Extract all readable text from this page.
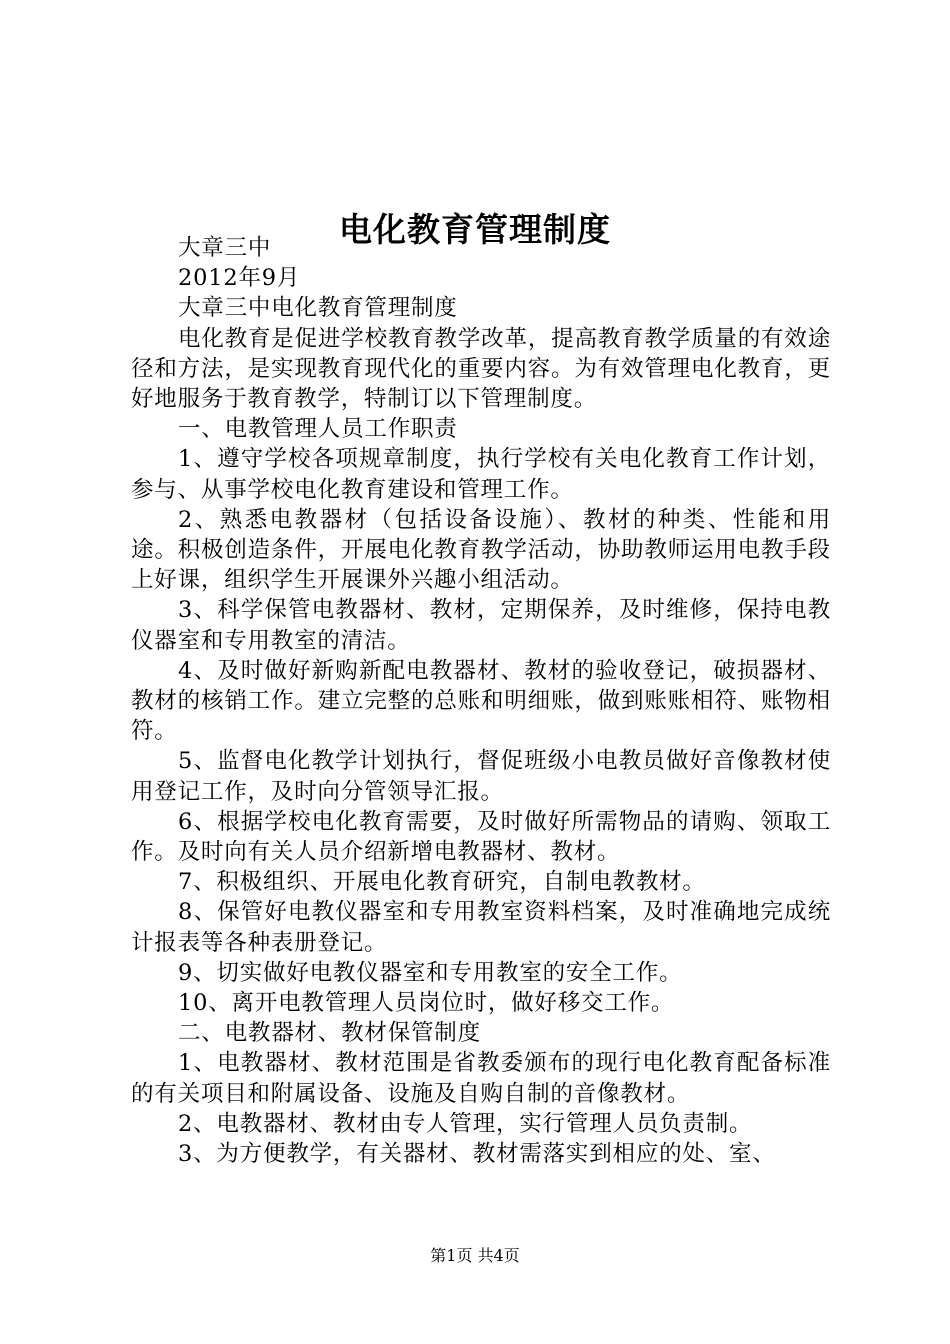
电化教育管理制度

大章三中

2012年9月

大章三中电化教育管理制度

电化教育是促进学校教育教学改革，提高教育教学质量的有效途径和方法，是实现教育现代化的重要内容。为有效管理电化教育，更好地服务于教育教学，特制订以下管理制度。

一、电教管理人员工作职责

1、遵守学校各项规章制度，执行学校有关电化教育工作计划，参与、从事学校电化教育建设和管理工作。

2、熟悉电教器材（包括设备设施）、教材的种类、性能和用途。积极创造条件，开展电化教育教学活动，协助教师运用电教手段上好课，组织学生开展课外兴趣小组活动。

3、科学保管电教器材、教材，定期保养，及时维修，保持电教仪器室和专用教室的清洁。

4、及时做好新购新配电教器材、教材的验收登记，破损器材、教材的核销工作。建立完整的总账和明细账，做到账账相符、账物相符。

5、监督电化教学计划执行，督促班级小电教员做好音像教材使用登记工作，及时向分管领导汇报。

6、根据学校电化教育需要，及时做好所需物品的请购、领取工作。及时向有关人员介绍新增电教器材、教材。

7、积极组织、开展电化教育研究，自制电教教材。

8、保管好电教仪器室和专用教室资料档案，及时准确地完成统计报表等各种表册登记。

9、切实做好电教仪器室和专用教室的安全工作。

10、离开电教管理人员岗位时，做好移交工作。

二、电教器材、教材保管制度

1、电教器材、教材范围是省教委颁布的现行电化教育配备标准的有关项目和附属设备、设施及自购自制的音像教材。

2、电教器材、教材由专人管理，实行管理人员负责制。

3、为方便教学，有关器材、教材需落实到相应的处、室、

第1页 共4页
